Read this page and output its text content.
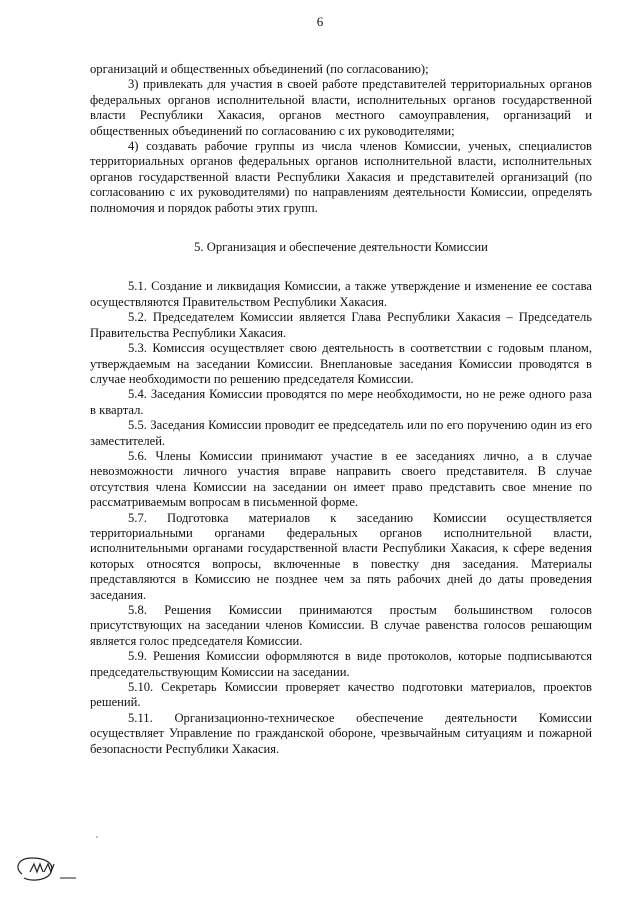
6

организаций и общественных объединений (по согласованию);

3) привлекать для участия в своей работе представителей территориальных органов федеральных органов исполнительной власти, исполнительных органов государственной власти Республики Хакасия, органов местного самоуправления, организаций и общественных объединений по согласованию с их руководителями;

4) создавать рабочие группы из числа членов Комиссии, ученых, специалистов территориальных органов федеральных органов исполнительной власти, исполнительных органов государственной власти Республики Хакасия и представителей организаций (по согласованию с их руководителями) по направлениям деятельности Комиссии, определять полномочия и порядок работы этих групп.

5. Организация и обеспечение деятельности Комиссии

5.1. Создание и ликвидация Комиссии, а также утверждение и изменение ее состава осуществляются Правительством Республики Хакасия.

5.2. Председателем Комиссии является Глава Республики Хакасия – Председатель Правительства Республики Хакасия.

5.3. Комиссия осуществляет свою деятельность в соответствии с годовым планом, утверждаемым на заседании Комиссии. Внеплановые заседания Комиссии проводятся в случае необходимости по решению председателя Комиссии.

5.4. Заседания Комиссии проводятся по мере необходимости, но не реже одного раза в квартал.

5.5. Заседания Комиссии проводит ее председатель или по его поручению один из его заместителей.

5.6. Члены Комиссии принимают участие в ее заседаниях лично, а в случае невозможности личного участия вправе направить своего представителя. В случае отсутствия члена Комиссии на заседании он имеет право представить свое мнение по рассматриваемым вопросам в письменной форме.

5.7. Подготовка материалов к заседанию Комиссии осуществляется территориальными органами федеральных органов исполнительной власти, исполнительными органами государственной власти Республики Хакасия, к сфере ведения которых относятся вопросы, включенные в повестку дня заседания. Материалы представляются в Комиссию не позднее чем за пять рабочих дней до даты проведения заседания.

5.8. Решения Комиссии принимаются простым большинством голосов присутствующих на заседании членов Комиссии. В случае равенства голосов решающим является голос председателя Комиссии.

5.9. Решения Комиссии оформляются в виде протоколов, которые подписываются председательствующим Комиссии на заседании.

5.10. Секретарь Комиссии проверяет качество подготовки материалов, проектов решений.

5.11. Организационно-техническое обеспечение деятельности Комиссии осуществляет Управление по гражданской обороне, чрезвычайным ситуациям и пожарной безопасности Республики Хакасия.
